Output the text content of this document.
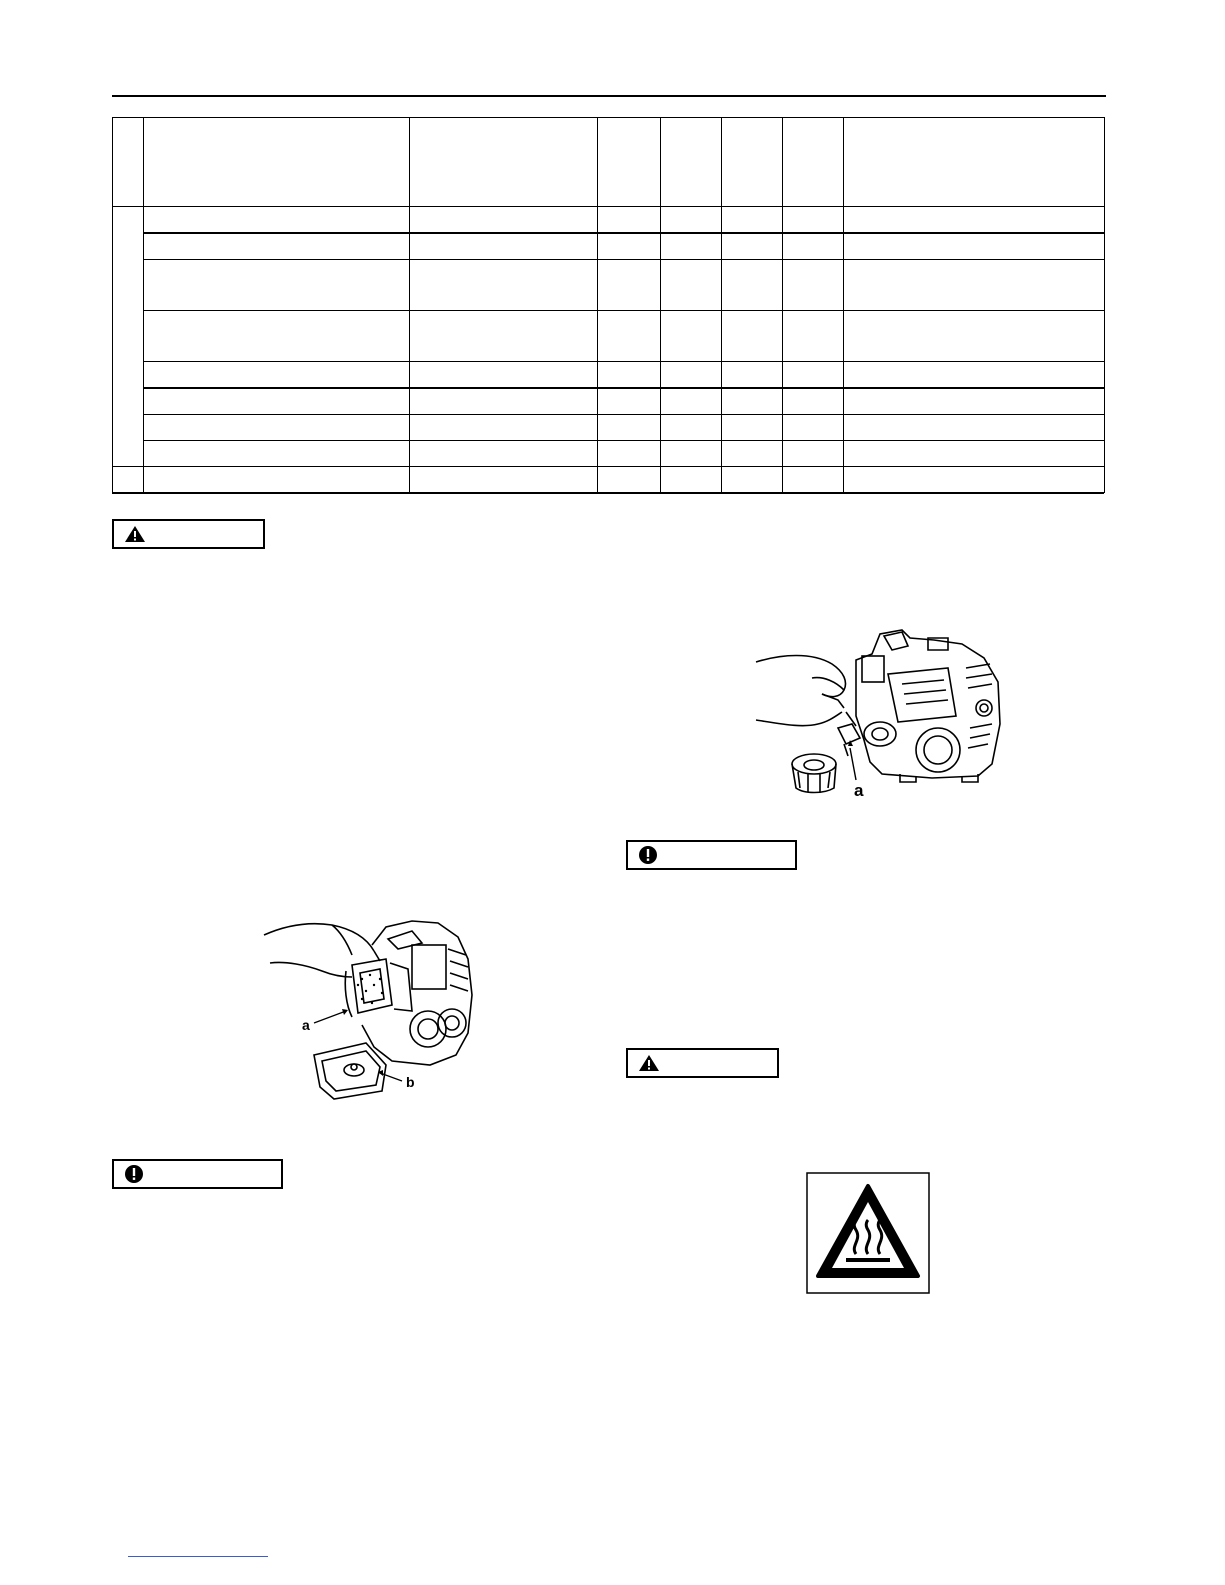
a
a
b
